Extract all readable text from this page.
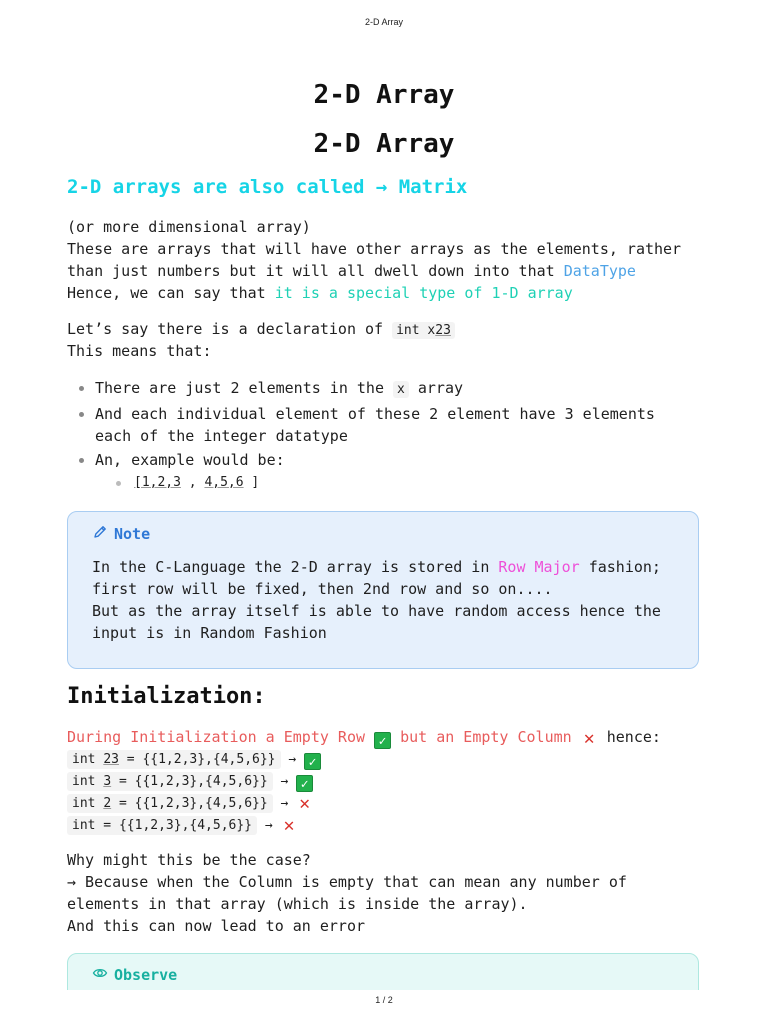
2-D Array
2-D Array
2-D Array
2-D arrays are also called → Matrix
(or more dimensional array)
These are arrays that will have other arrays as the elements, rather
than just numbers but it will all dwell down into that DataType
Hence, we can say that it is a special type of 1-D array
Let’s say there is a declaration of int x23
This means that:
There are just 2 elements in the x array
And each individual element of these 2 element have 3 elements
each of the integer datatype
An, example would be:
[1,2,3 , 4,5,6 ]
Note
In the C-Language the 2-D array is stored in Row Major fashion;
first row will be fixed, then 2nd row and so on....
But as the array itself is able to have random access hence the
input is in Random Fashion
Initialization:
During Initialization a Empty Row ✓ but an Empty Column ✕ hence:
int 23 = {{1,2,3},{4,5,6}} → ✓
int 3 = {{1,2,3},{4,5,6}} → ✓
int 2 = {{1,2,3},{4,5,6}} → ✕
int = {{1,2,3},{4,5,6}} → ✕
Why might this be the case?
→ Because when the Column is empty that can mean any number of
elements in that array (which is inside the array).
And this can now lead to an error
Observe
1 / 2
